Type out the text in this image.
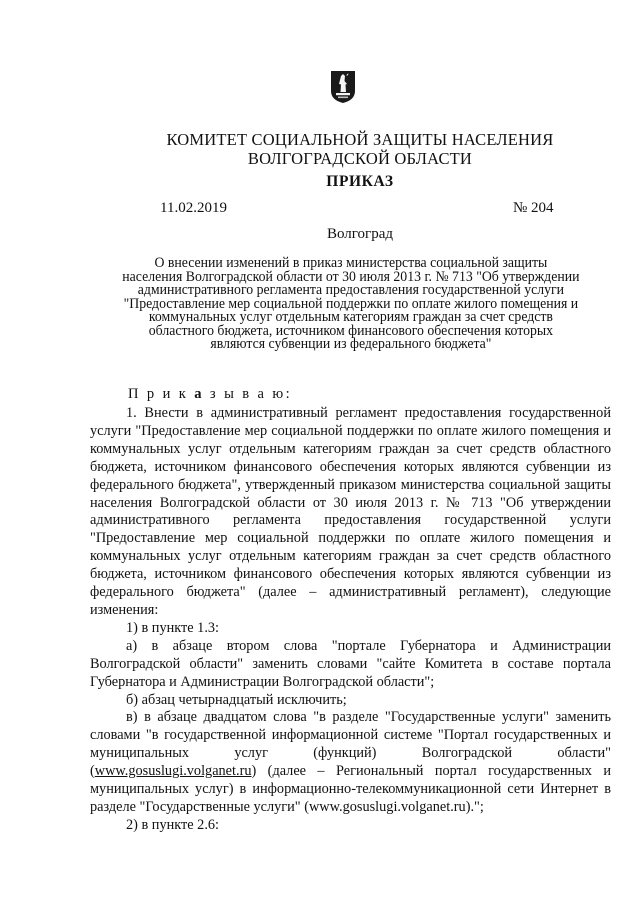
КОМИТЕТ СОЦИАЛЬНОЙ ЗАЩИТЫ НАСЕЛЕНИЯ
ВОЛГОГРАДСКОЙ ОБЛАСТИ
ПРИКАЗ
11.02.2019	№ 204
Волгоград
О внесении изменений в приказ министерства социальной защиты
населения Волгоградской области от 30 июля 2013 г. № 713 "Об утверждении
административного регламента предоставления государственной услуги
"Предоставление мер социальной поддержки по оплате жилого помещения и
коммунальных услуг отдельным категориям граждан за счет средств
областного бюджета, источником финансового обеспечения которых
являются субвенции из федерального бюджета"
П р и к а з ы в а ю:

1. Внести в административный регламент предоставления государственной услуги "Предоставление мер социальной поддержки по оплате жилого помещения и коммунальных услуг отдельным категориям граждан за счет средств областного бюджета, источником финансового обеспечения которых являются субвенции из федерального бюджета", утвержденный приказом министерства социальной защиты населения Волгоградской области от 30 июля 2013 г. № 713 "Об утверждении административного регламента предоставления государственной услуги "Предоставление мер социальной поддержки по оплате жилого помещения и коммунальных услуг отдельным категориям граждан за счет средств областного бюджета, источником финансового обеспечения которых являются субвенции из федерального бюджета" (далее – административный регламент), следующие изменения:

1) в пункте 1.3:

а) в абзаце втором слова "портале Губернатора и Администрации Волгоградской области" заменить словами "сайте Комитета в составе портала Губернатора и Администрации Волгоградской области";

б) абзац четырнадцатый исключить;

в) в абзаце двадцатом слова "в разделе "Государственные услуги" заменить словами "в государственной информационной системе "Портал государственных и муниципальных услуг (функций) Волгоградской области" (www.gosuslugi.volganet.ru) (далее – Региональный портал государственных и муниципальных услуг) в информационно-телекоммуникационной сети Интернет в разделе "Государственные услуги" (www.gosuslugi.volganet.ru).";

2) в пункте 2.6:
